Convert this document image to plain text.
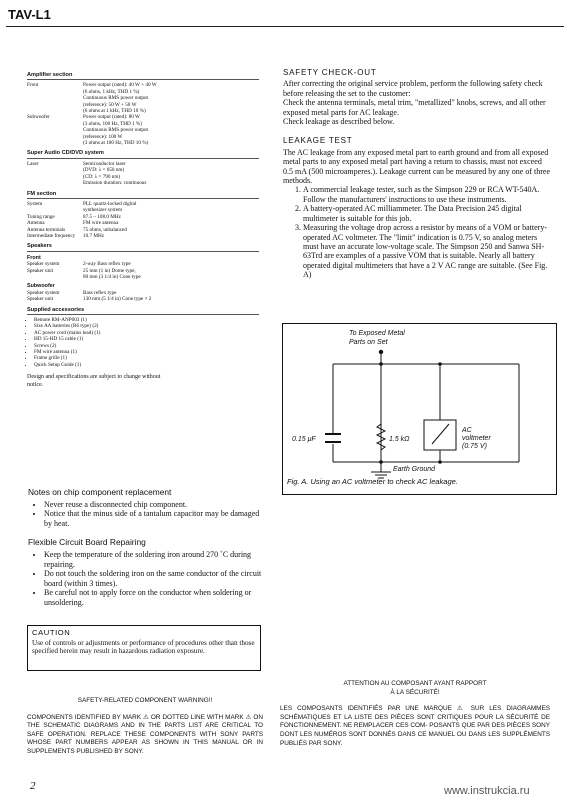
TAV-L1
Amplifier section
Front	Power output (rated): 40 W + 40 W
(6 ohms, 1 kHz, THD 1 %)
Continuous RMS power output
(reference): 50 W + 50 W
(6 ohms at 1 kHz, THD 10 %)
Subwoofer	Power output (rated): 80 W
(3 ohms, 100 Hz, THD 1 %)
Continuous RMS power output
(reference): 100 W
(3 ohms at 100 Hz, THD 10 %)
Super Audio CD/DVD system
Laser	Semiconductor laser
(DVD: λ = 650 nm)
(CD: λ = 790 nm)
Emission duration: continuous
FM section
System	PLL quartz-locked digital
synthesizer system
Tuning range	87.5 – 108.0 MHz
Antenna	FM wire antenna
Antenna terminals	75 ohms, unbalanced
Intermediate frequency	10.7 MHz
Speakers
Front
Speaker system	2-way Bass reflex type
Speaker unit	25 mm (1 in) Dome type,
80 mm (3 1/4 in) Cone type
Subwoofer
Speaker system	Bass reflex type
Speaker unit	130 mm (5 1/4 in) Cone type × 2
Supplied accessories
• Remote RM-ANP003 (1)
• Size AA batteries (R6 type) (2)
• AC power cord (mains lead) (1)
• HD 15-HD 15 cable (1)
• Screws (2)
• FM wire antenna (1)
• Frame grille (1)
• Quick Setup Guide (1)
Design and specifications are subject to change without notice.
SAFETY CHECK-OUT

After correcting the original service problem, perform the following safety check before releasing the set to the customer:

Check the antenna terminals, metal trim, "metallized" knobs, screws, and all other exposed metal parts for AC leakage.

Check leakage as described below.

LEAKAGE TEST

The AC leakage from any exposed metal part to earth ground and from all exposed metal parts to any exposed metal part having a return to chassis, must not exceed 0.5 mA (500 microamperes.). Leakage current can be measured by any one of three methods.

1. A commercial leakage tester, such as the Simpson 229 or RCA WT-540A. Follow the manufacturers' instructions to use these instruments.
2. A battery-operated AC milliammeter. The Data Precision 245 digital multimeter is suitable for this job.
3. Measuring the voltage drop across a resistor by means of a VOM or battery-operated AC voltmeter. The "limit" indication is 0.75 V, so analog meters must have an accurate low-voltage scale. The Simpson 250 and Sanwa SH-63Trd are examples of a passive VOM that is suitable. Nearly all battery operated digital multimeters that have a 2 V AC range are suitable. (See Fig. A)
To Exposed Metal
Parts on Set
0.15 μF	1.5 kΩ
AC
voltmeter
(0.75 V)
Earth Ground
Fig. A. Using an AC voltmeter to check AC leakage.
Notes on chip component replacement
• Never reuse a disconnected chip component.
• Notice that the minus side of a tantalum capacitor may be damaged by heat.
Flexible Circuit Board Repairing
• Keep the temperature of the soldering iron around 270 ˚C during repairing.
• Do not touch the soldering iron on the same conductor of the circuit board (within 3 times).
• Be careful not to apply force on the conductor when soldering or unsoldering.
CAUTION
Use of controls or adjustments or performance of procedures other than those specified herein may result in hazardous radiation exposure.
SAFETY-RELATED COMPONENT WARNING!!
COMPONENTS IDENTIFIED BY MARK ⚠ OR DOTTED LINE WITH MARK ⚠ ON THE SCHEMATIC DIAGRAMS AND IN THE PARTS LIST ARE CRITICAL TO SAFE OPERATION. REPLACE THESE COMPONENTS WITH SONY PARTS WHOSE PART NUMBERS APPEAR AS SHOWN IN THIS MANUAL OR IN SUPPLEMENTS PUBLISHED BY SONY.
ATTENTION AU COMPOSANT AYANT RAPPORT
À LA SÉCURITÉ!
LES COMPOSANTS IDENTIFIÉS PAR UNE MARQUE ⚠ SUR LES DIAGRAMMES SCHÉMATIQUES ET LA LISTE DES PIÈCES SONT CRITIQUES POUR LA SÉCURITÉ DE FONCTIONNEMENT. NE REMPLACER CES COM- POSANTS QUE PAR DES PIÈCES SONY DONT LES NUMÉROS SONT DONNÉS DANS CE MANUEL OU DANS LES SUPPLÉMENTS PUBLIÉS PAR SONY.
2	www.instrukcia.ru
